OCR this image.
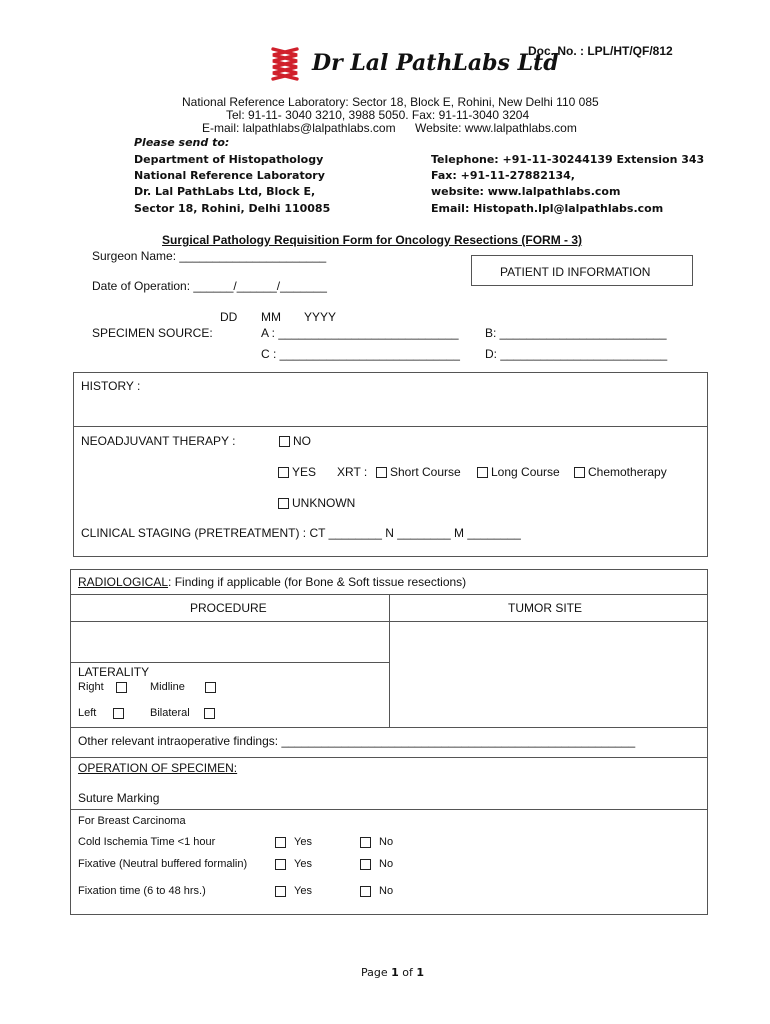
Doc. No. : LPL/HT/QF/812
Dr Lal PathLabs Ltd
National Reference Laboratory: Sector 18, Block E, Rohini, New Delhi 110 085
Tel: 91-11- 3040 3210, 3988 5050. Fax: 91-11-3040 3204
E-mail: lalpathlabs@lalpathlabs.com Website: www.lalpathlabs.com
Please send to:
Department of Histopathology
National Reference Laboratory
Dr. Lal PathLabs Ltd, Block E,
Sector 18, Rohini, Delhi 110085
Telephone: +91-11-30244139 Extension 343
Fax: +91-11-27882134,
website: www.lalpathlabs.com
Email: Histopath.lpl@lalpathlabs.com
Surgical Pathology Requisition Form for Oncology Resections (FORM - 3)
Surgeon Name: ______________________
PATIENT ID INFORMATION
Date of Operation: ______/______/_______
DD MM YYYY
SPECIMEN SOURCE:	A : ___________________________ B: _________________________
C : ___________________________ D: _________________________
HISTORY :
NEOADJUVANT THERAPY :	NO
YES XRT :	Short Course	Long Course	Chemotherapy
UNKNOWN
CLINICAL STAGING (PRETREATMENT) : CT ________ N ________ M ________
RADIOLOGICAL: Finding if applicable (for Bone & Soft tissue resections)
PROCEDURE	TUMOR SITE
LATERALITY
Right	Midline
Left	Bilateral
Other relevant intraoperative findings: _____________________________________________________
OPERATION OF SPECIMEN:
Suture Marking
For Breast Carcinoma
Cold Ischemia Time <1 hour	Yes	No
Fixative (Neutral buffered formalin)	Yes	No
Fixation time (6 to 48 hrs.)	Yes	No
Page 1 of 1
